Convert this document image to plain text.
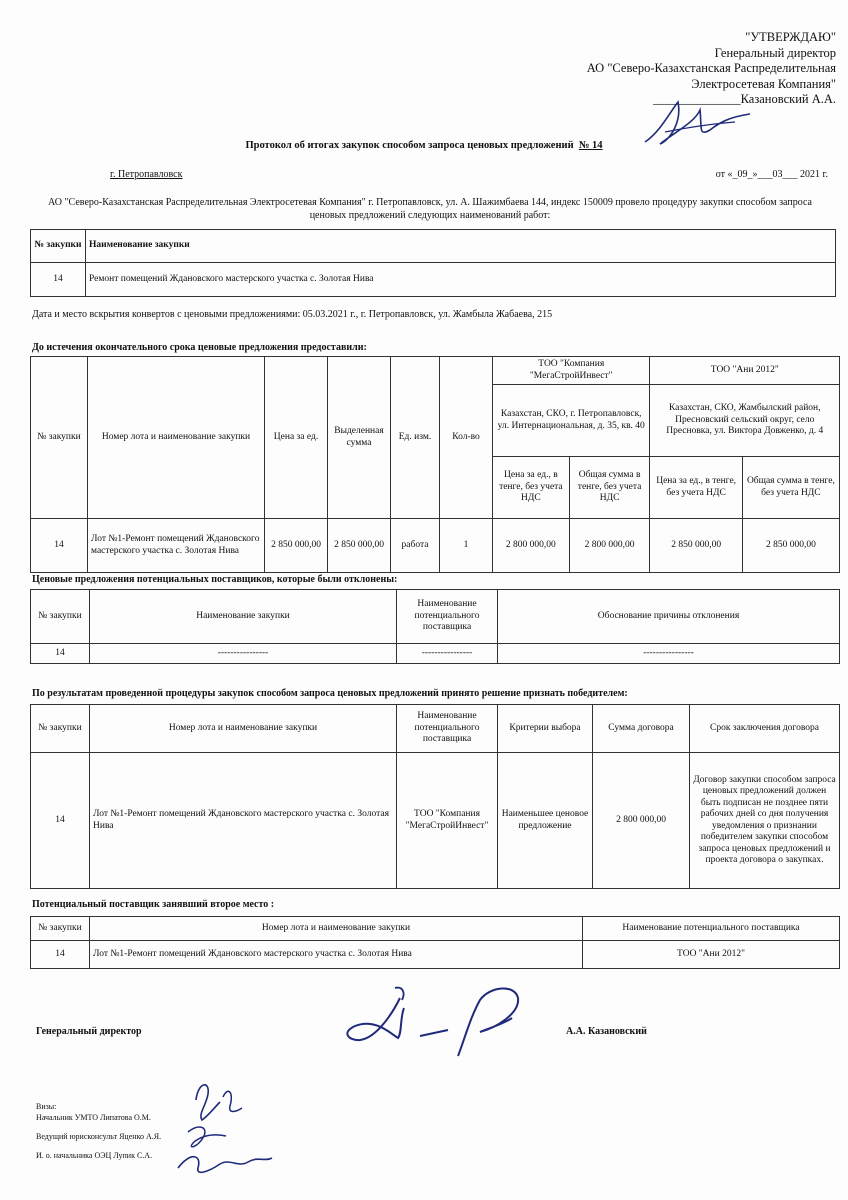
"УТВЕРЖДАЮ"
Генеральный директор
АО "Северо-Казахстанская Распределительная
Электросетевая Компания"
______________Казановский А.А.
Протокол об итогах закупок способом запроса ценовых предложений № 14
г. Петропавловск	от «_09_»___03___ 2021 г.
АО "Северо-Казахстанская Распределительная Электросетевая Компания" г. Петропавловск, ул. А. Шажимбаева 144, индекс 150009 провело процедуру закупки способом запроса ценовых предложений следующих наименований работ:
№ закупки	Наименование закупки
14	Ремонт помещений Ждановского мастерского участка с. Золотая Нива
Дата и место вскрытия конвертов с ценовыми предложениями: 05.03.2021 г., г. Петропавловск, ул. Жамбыла Жабаева, 215
До истечения окончательного срока ценовые предложения предоставили:
№ закупки	Номер лота и наименование закупки	Цена за ед.	Выделенная сумма	Ед. изм.	Кол-во	ТОО "Компания "МегаСтройИнвест"		ТОО "Ани 2012"	
						Казахстан, СКО, г. Петропавловск, ул. Интернациональная, д. 35, кв. 40		Казахстан, СКО, Жамбылский район, Пресновский сельский округ, село Пресновка, ул. Виктора Довженко, д. 4	
						Цена за ед., в тенге, без учета НДС	Общая сумма в тенге, без учета НДС	Цена за ед., в тенге, без учета НДС	Общая сумма в тенге, без учета НДС
14	Лот №1-Ремонт помещений Ждановского мастерского участка с. Золотая Нива	2 850 000,00	2 850 000,00	работа	1	2 800 000,00	2 800 000,00	2 850 000,00	2 850 000,00
Ценовые предложения потенциальных поставщиков, которые были отклонены:
№ закупки	Наименование закупки	Наименование потенциального поставщика	Обоснование причины отклонения
14	----------------	----------------	----------------
По результатам проведенной процедуры закупок способом запроса ценовых предложений принято решение признать победителем:
№ закупки	Номер лота и наименование закупки	Наименование потенциального поставщика	Критерии выбора	Сумма договора	Срок заключения договора
14	Лот №1-Ремонт помещений Ждановского мастерского участка с. Золотая Нива	ТОО "Компания "МегаСтройИнвест"	Наименьшее ценовое предложение	2 800 000,00	Договор закупки способом запроса ценовых предложений должен быть подписан не позднее пяти рабочих дней со дня получения уведомления о признании победителем закупки способом запроса ценовых предложений и проекта договора о закупках.
Потенциальный поставщик занявший второе место :
№ закупки	Номер лота и наименование закупки	Наименование потенциального поставщика
14	Лот №1-Ремонт помещений Ждановского мастерского участка с. Золотая Нива	ТОО "Ани 2012"
Генеральный директор	А.А. Казановский
Визы:
Начальник УМТО Липатова О.М.
Ведущий юрисконсульт Яценко А.Я.
И. о. начальника ОЭЦ Лупик С.А.
